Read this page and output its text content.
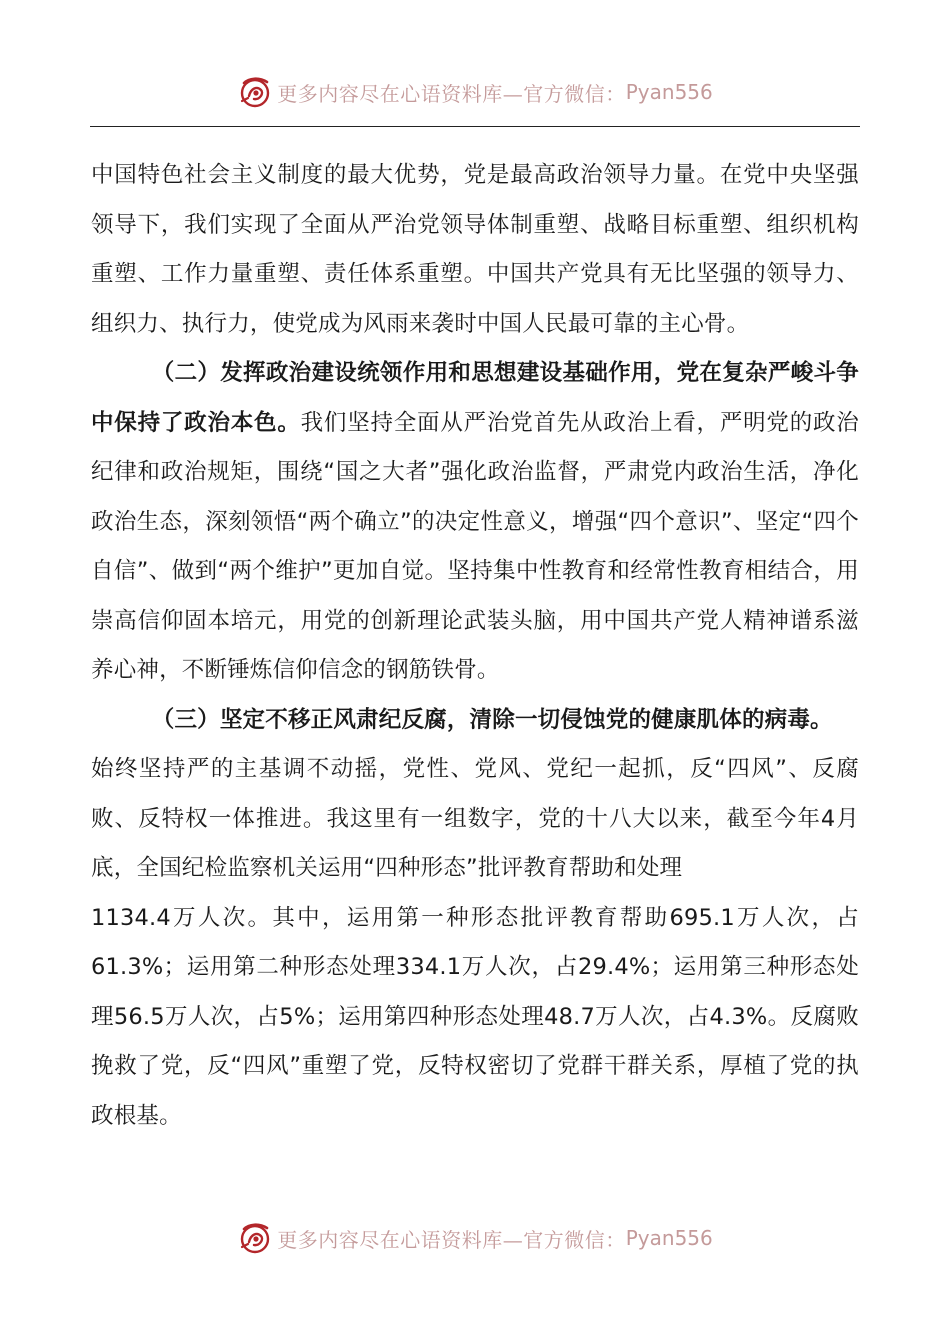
更多内容尽在心语资料库—官方微信： Pyan556

中国特色社会主义制度的最大优势，党是最高政治领导力量。在党中央坚强领导下，我们实现了全面从严治党领导体制重塑、战略目标重塑、组织机构重塑、工作力量重塑、责任体系重塑。中国共产党具有无比坚强的领导力、组织力、执行力，使党成为风雨来袭时中国人民最可靠的主心骨。

（二）发挥政治建设统领作用和思想建设基础作用，党在复杂严峻斗争中保持了政治本色。我们坚持全面从严治党首先从政治上看，严明党的政治纪律和政治规矩，围绕“国之大者”强化政治监督，严肃党内政治生活，净化政治生态，深刻领悟“两个确立”的决定性意义，增强“四个意识”、坚定“四个自信”、做到“两个维护”更加自觉。坚持集中性教育和经常性教育相结合，用崇高信仰固本培元，用党的创新理论武装头脑，用中国共产党人精神谱系滋养心神，不断锤炼信仰信念的钢筋铁骨。

（三）坚定不移正风肃纪反腐，清除一切侵蚀党的健康肌体的病毒。

始终坚持严的主基调不动摇，党性、党风、党纪一起抓，反“四风”、反腐败、反特权一体推进。我这里有一组数字，党的十八大以来，截至今年4月底，全国纪检监察机关运用“四种形态”批评教育帮助和处理

1134.4万人次。其中，运用第一种形态批评教育帮助695.1万人次，占61.3%；运用第二种形态处理334.1万人次，占29.4%；运用第三种形态处理56.5万人次，占5%；运用第四种形态处理48.7万人次，占4.3%。反腐败挽救了党，反“四风”重塑了党，反特权密切了党群干群关系，厚植了党的执政根基。

更多内容尽在心语资料库—官方微信： Pyan556
